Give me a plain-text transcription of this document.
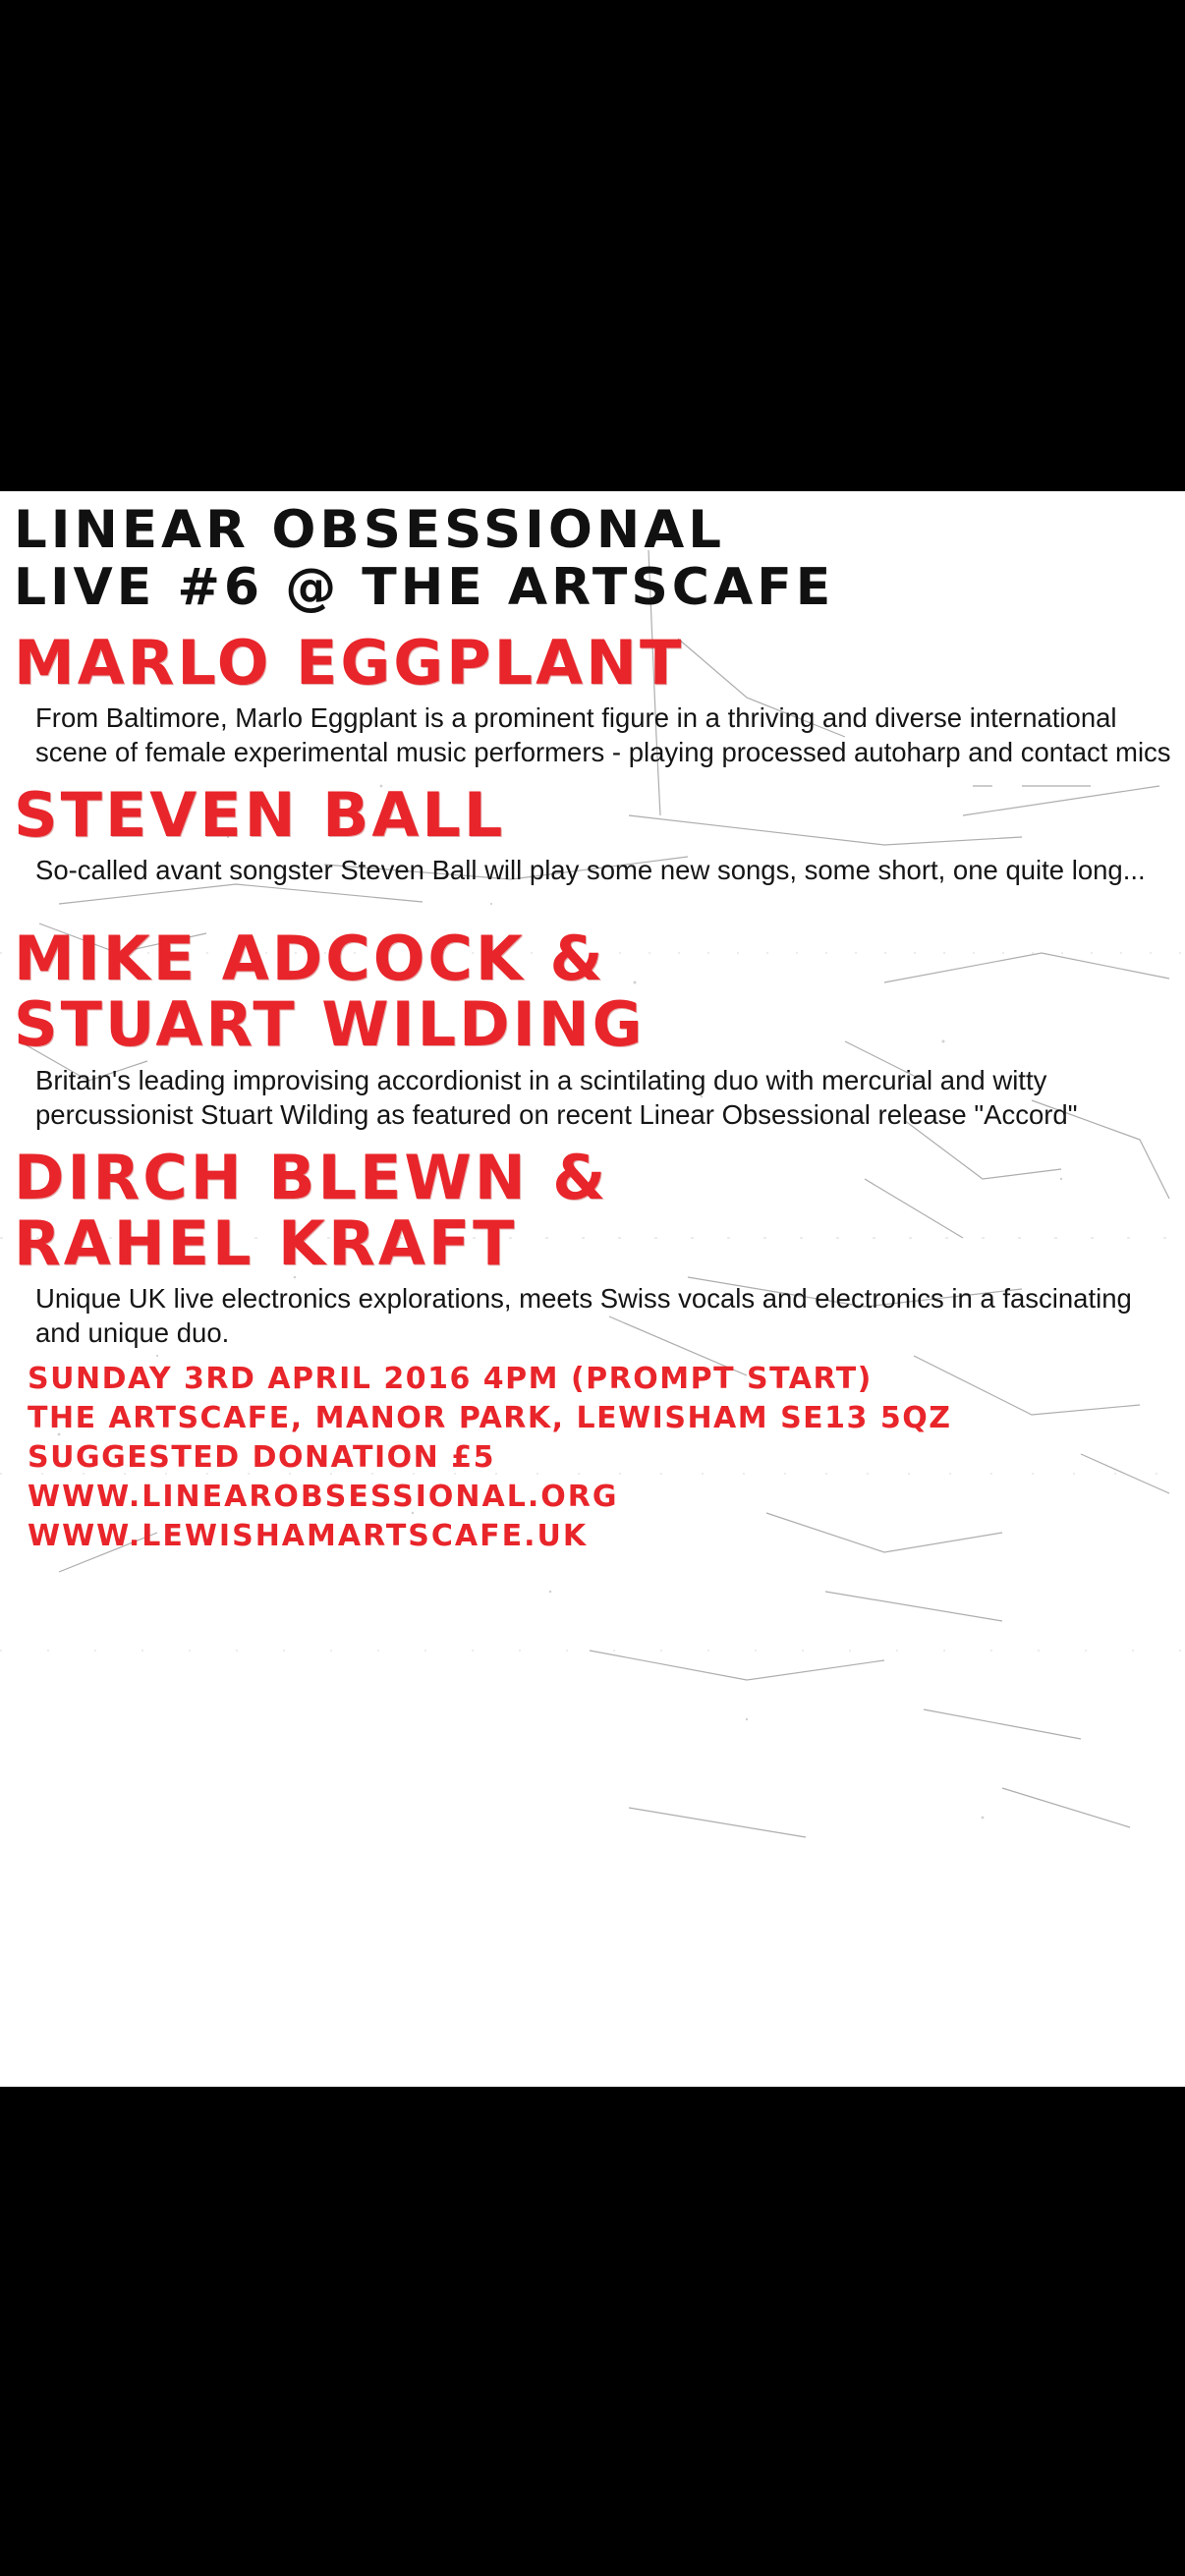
LINEAR OBSESSIONAL
LIVE #6 @ THE ARTSCAFE
MARLO EGGPLANT
From Baltimore, Marlo Eggplant is a prominent figure in a thriving and diverse international scene of female experimental music performers - playing processed autoharp and contact mics
STEVEN BALL
So-called avant songster Steven Ball will play some new songs, some short, one quite long...
MIKE ADCOCK &
STUART WILDING
Britain's leading improvising accordionist in a scintilating duo with mercurial and witty percussionist Stuart Wilding as featured on recent Linear Obsessional release "Accord"
DIRCH BLEWN &
RAHEL KRAFT
Unique UK live electronics explorations, meets Swiss vocals and electronics in a fascinating and unique duo.
SUNDAY 3RD APRIL 2016 4PM (PROMPT START)
THE ARTSCAFE, MANOR PARK, LEWISHAM SE13 5QZ
SUGGESTED DONATION £5
WWW.LINEAROBSESSIONAL.ORG
WWW.LEWISHAMARTSCAFE.UK
